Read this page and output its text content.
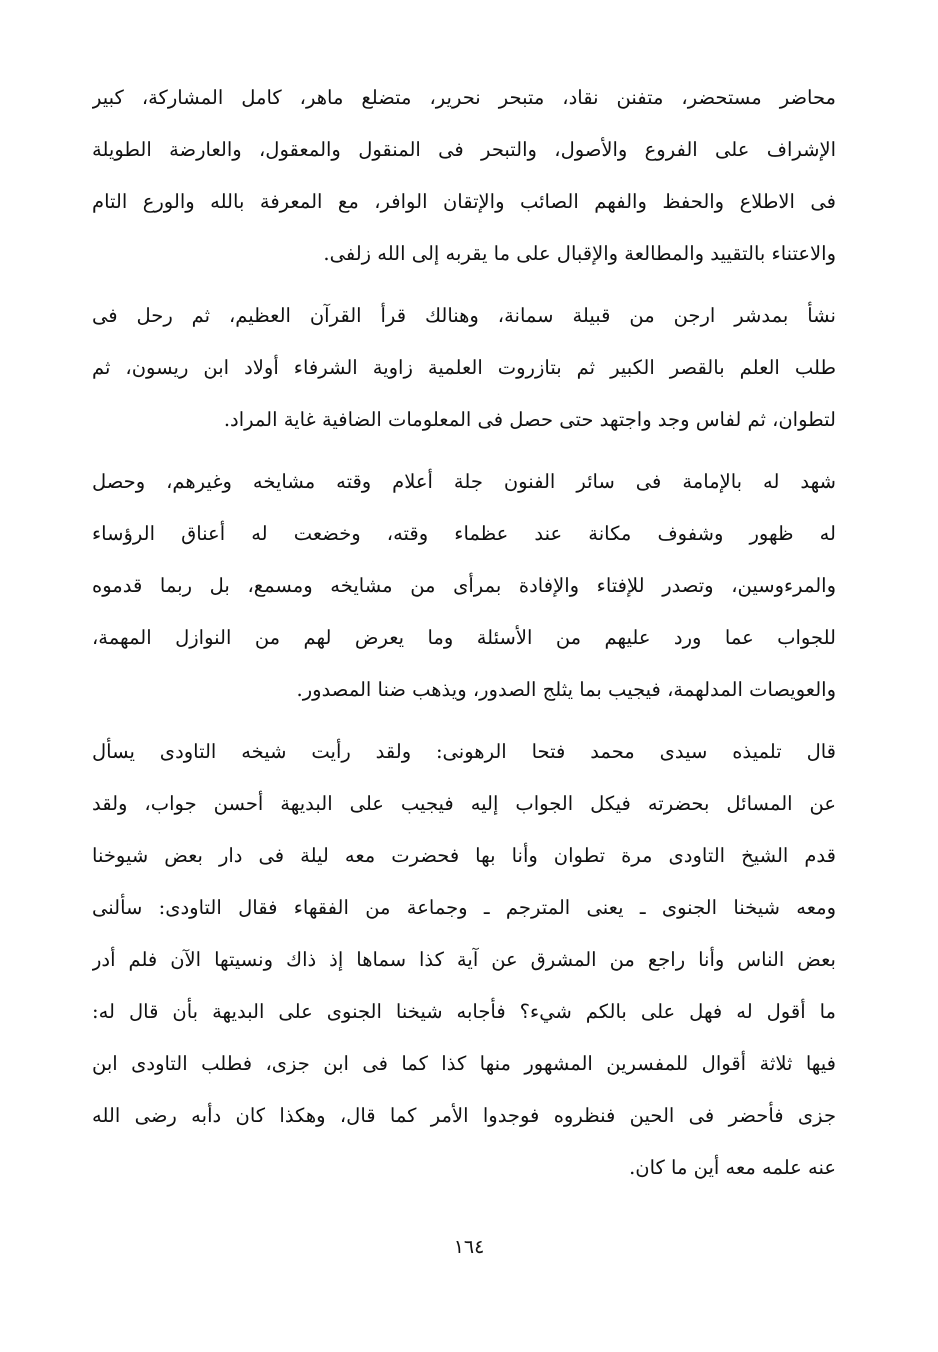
محاضر مستحضر، متفنن نقاد، متبحر نحرير، متضلع ماهر، كامل المشاركة، كبير
الإشراف على الفروع والأصول، والتبحر فى المنقول والمعقول، والعارضة الطويلة
فى الاطلاع والحفظ والفهم الصائب والإتقان الوافر، مع المعرفة بالله والورع التام
والاعتناء بالتقييد والمطالعة والإقبال على ما يقربه إلى الله زلفى.
نشأ بمدشر ارجن من قبيلة سمانة، وهنالك قرأ القرآن العظيم، ثم رحل فى
طلب العلم بالقصر الكبير ثم بتازروت العلمية زاوية الشرفاء أولاد ابن ريسون، ثم
لتطوان، ثم لفاس وجد واجتهد حتى حصل فى المعلومات الضافية غاية المراد.
شهد له بالإمامة فى سائر الفنون جلة أعلام وقته مشايخه وغيرهم، وحصل
له ظهور وشفوف مكانة عند عظماء وقته، وخضعت له أعناق الرؤساء
والمرءوسين، وتصدر للإفتاء والإفادة بمرأى من مشايخه ومسمع، بل ربما قدموه
للجواب عما ورد عليهم من الأسئلة وما يعرض لهم من النوازل المهمة،
والعويصات المدلهمة، فيجيب بما يثلج الصدور، ويذهب ضنا المصدور.
قال تلميذه سيدى محمد فتحا الرهونى: ولقد رأيت شيخه التاودى يسأل
عن المسائل بحضرته فيكل الجواب إليه فيجيب على البديهة أحسن جواب، ولقد
قدم الشيخ التاودى مرة تطوان وأنا بها فحضرت معه ليلة فى دار بعض شيوخنا
ومعه شيخنا الجنوى ـ يعنى المترجم ـ وجماعة من الفقهاء فقال التاودى: سألنى
بعض الناس وأنا راجع من المشرق عن آية كذا سماها إذ ذاك ونسيتها الآن فلم أدر
ما أقول له فهل على بالكم شيء؟ فأجابه شيخنا الجنوى على البديهة بأن قال له:
فيها ثلاثة أقوال للمفسرين المشهور منها كذا كما فى ابن جزى، فطلب التاودى ابن
جزى فأحضر فى الحين فنظروه فوجدوا الأمر كما قال، وهكذا كان دأبه رضى الله
عنه علمه معه أين ما كان.
١٦٤
